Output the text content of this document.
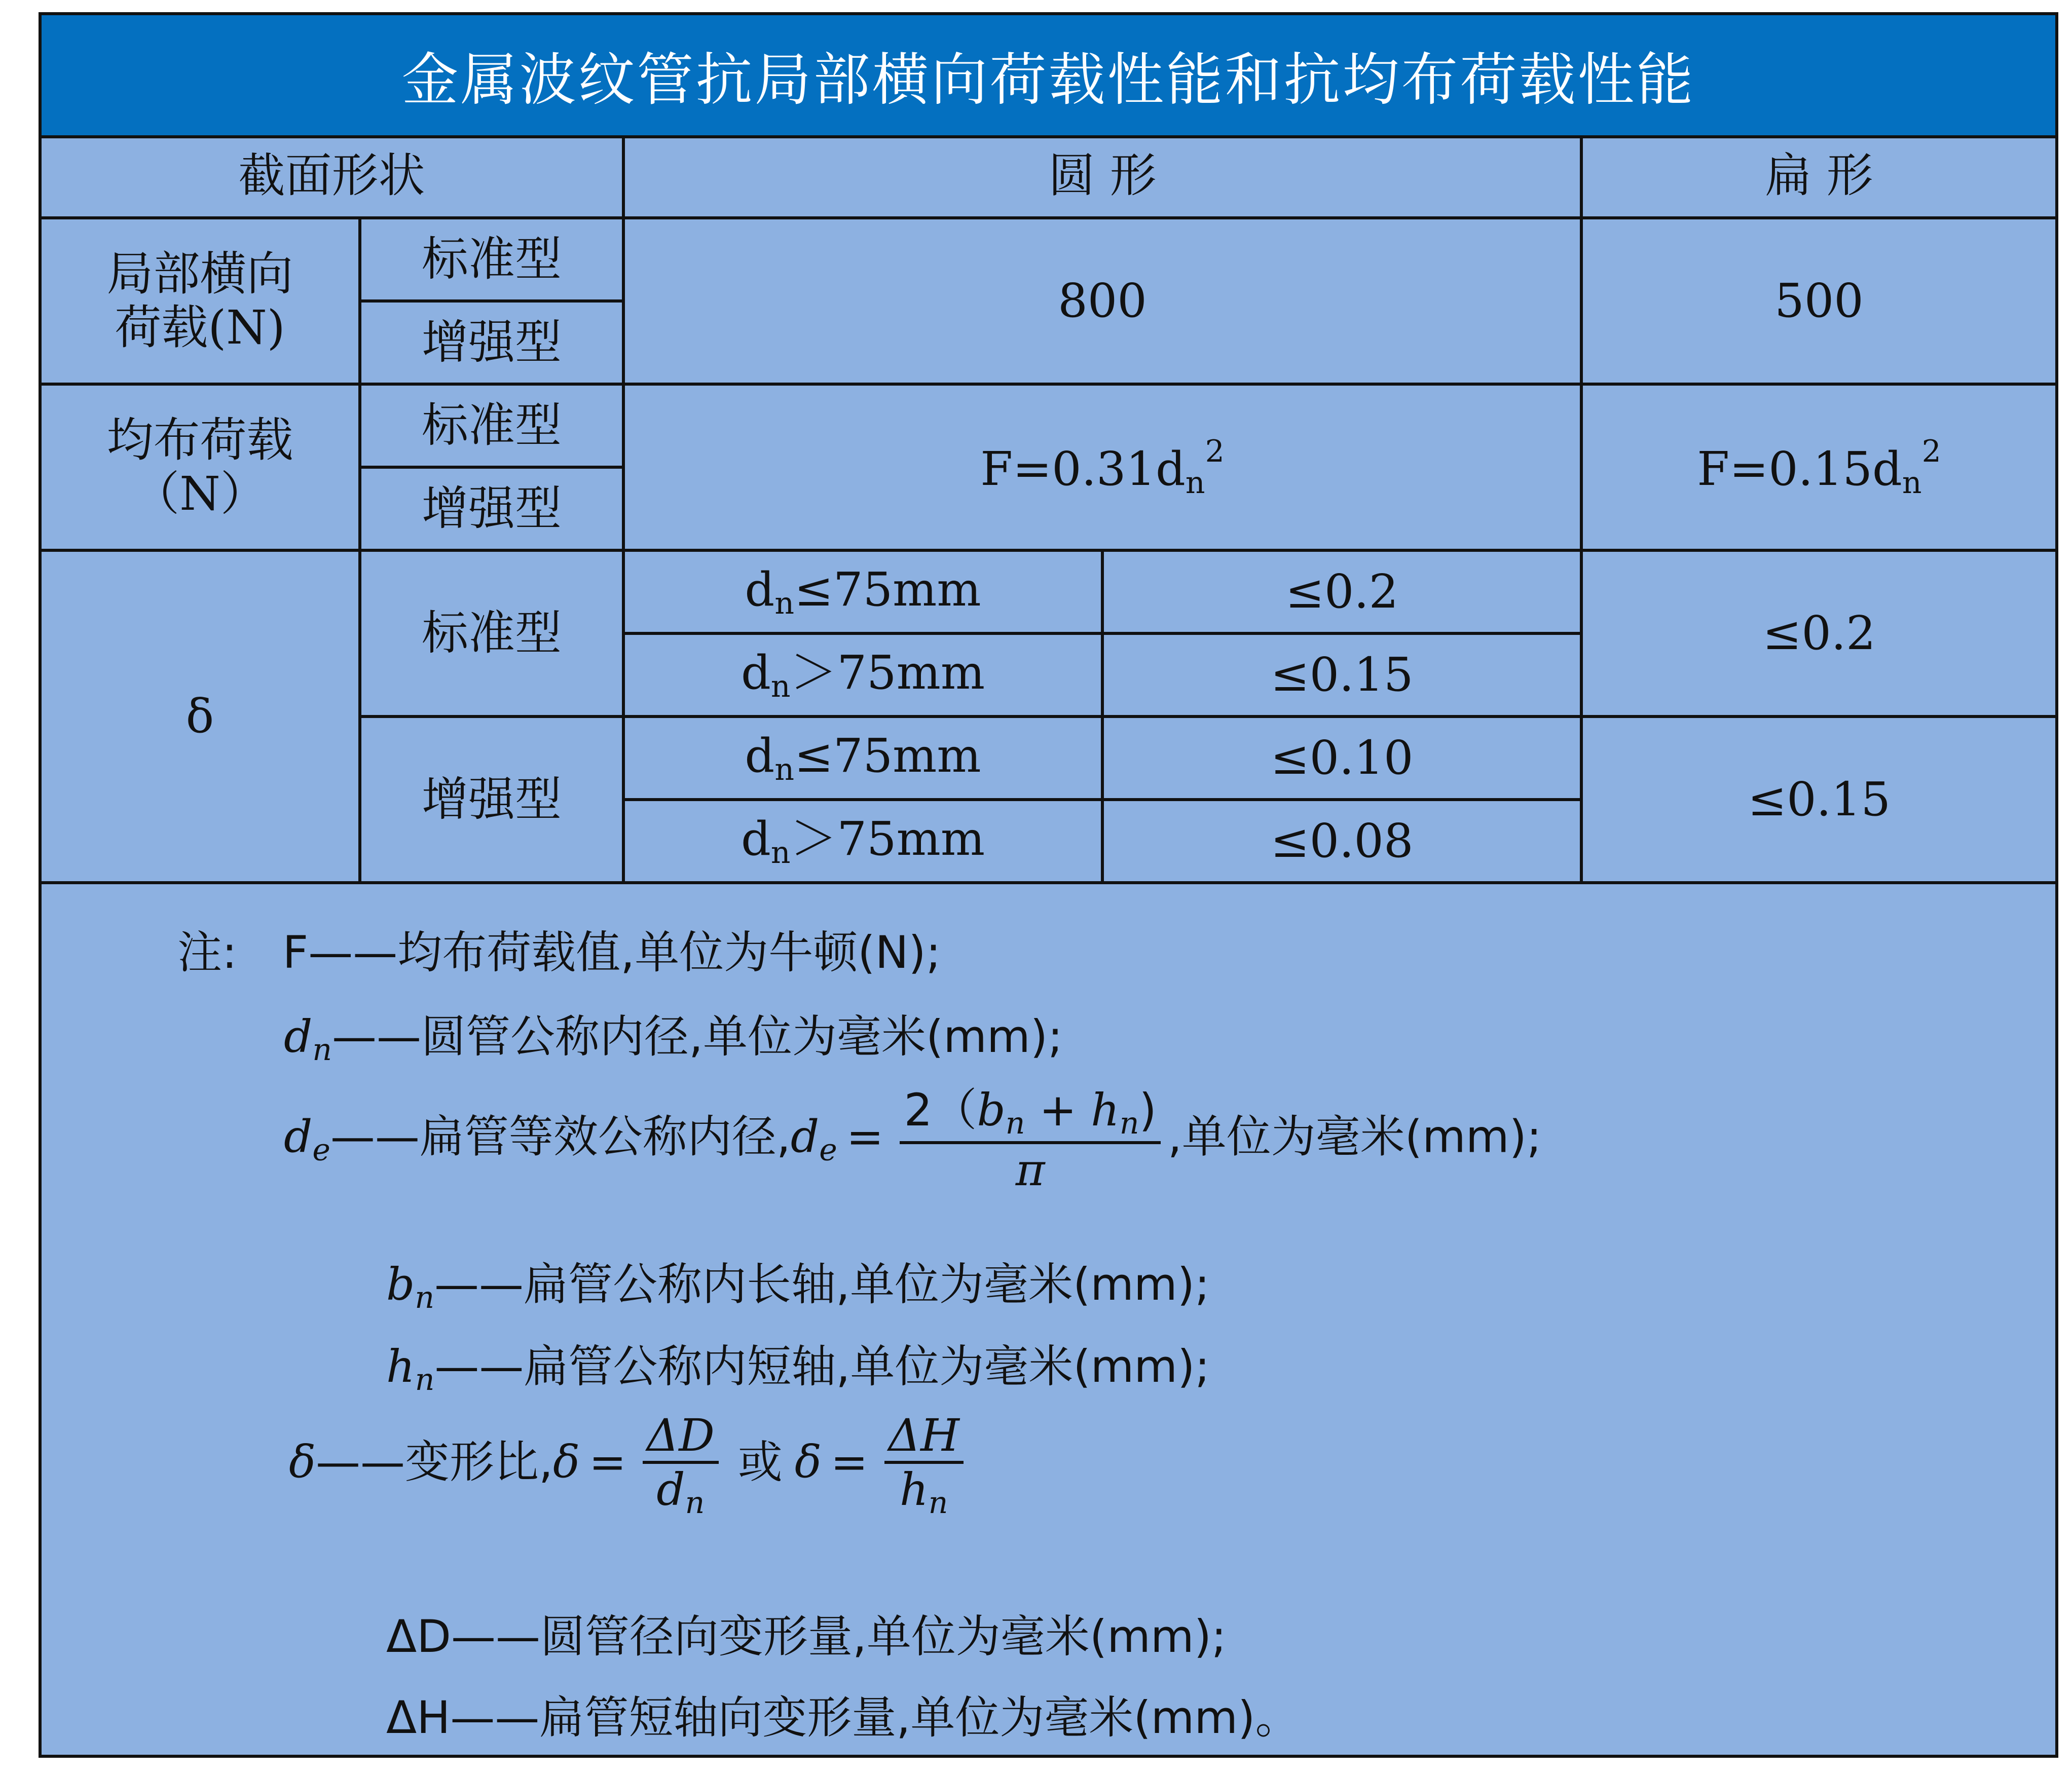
金属波纹管抗局部横向荷载性能和抗均布荷载性能
截面形状		圆 形		扁 形
局部横向
荷载(N)	标准型	800		500
	增强型			
均布荷载
（N）	标准型	$F=0.31d_n^2$		$F=0.15d_n^2$
	增强型			
δ	标准型	$d_n\le 75mm$	≤0.2	≤0.2
		$d_n>75mm$	≤0.15	
	增强型	$d_n\le 75mm$	≤0.10	≤0.15
		$d_n>75mm$	≤0.08	
注: F——均布荷载值,单位为牛顿(N);
$d_n——$圆管公称内径,单位为毫米(mm);
$d_e——$扁管等效公称内径$,d_e = \frac{2(b_n + h_n)}{\pi}$ ,单位为毫米(mm);
$b_n——$扁管公称内长轴,单位为毫米(mm);
$h_n——$扁管公称内短轴,单位为毫米(mm);
δ——变形比$,\delta = \frac{\Delta D}{d_n}$ 或 $\delta = \frac{\Delta H}{h_n}$
ΔD——圆管径向变形量,单位为毫米(mm);
ΔH——扁管短轴向变形量,单位为毫米(mm)。
